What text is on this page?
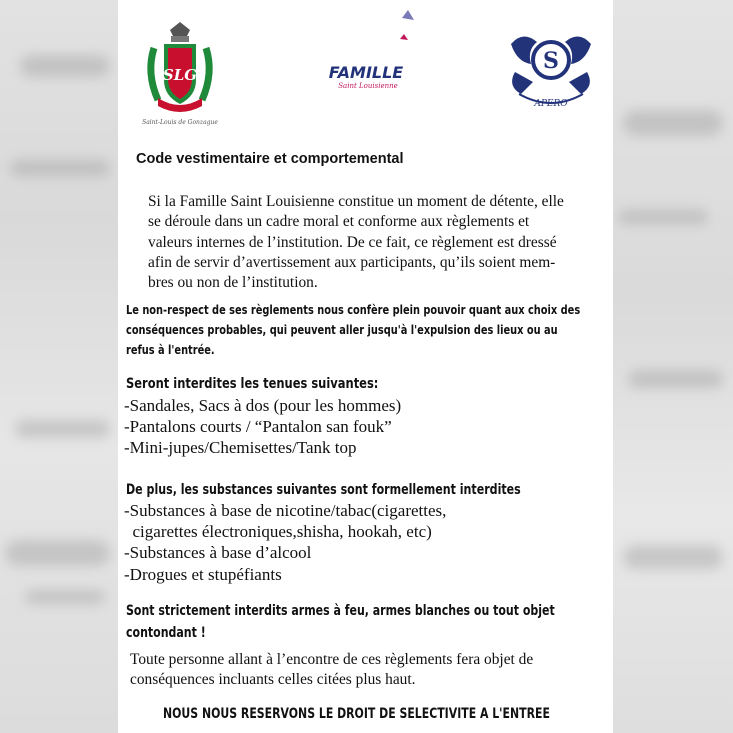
SLG
Saint-Louis de Gonzague
FAMILLE
Saint Louisienne
S
APERO
Code vestimentaire et comportemental
Si la Famille Saint Louisienne constitue un moment de détente, elle
se déroule dans un cadre moral et conforme aux règlements et
valeurs internes de l’institution. De ce fait, ce règlement est dressé
afin de servir d’avertissement aux participants, qu’ils soient mem-
bres ou non de l’institution.
Le non-respect de ses règlements nous confère plein pouvoir quant aux choix des
conséquences probables, qui peuvent aller jusqu'à l'expulsion des lieux ou au
refus à l'entrée.
Seront interdites les tenues suivantes:
-Sandales, Sacs à dos (pour les hommes)
-Pantalons courts / “Pantalon san fouk”
-Mini-jupes/Chemisettes/Tank top
De plus, les substances suivantes sont formellement interdites
-Substances à base de nicotine/tabac(cigarettes,
cigarettes électroniques,shisha, hookah, etc)
-Substances à base d’alcool
-Drogues et stupéfiants
Sont strictement interdits armes à feu, armes blanches ou tout objet
contondant !
Toute personne allant à l’encontre de ces règlements fera objet de
conséquences incluants celles citées plus haut.
NOUS NOUS RESERVONS LE DROIT DE SELECTIVITE A L'ENTREE
